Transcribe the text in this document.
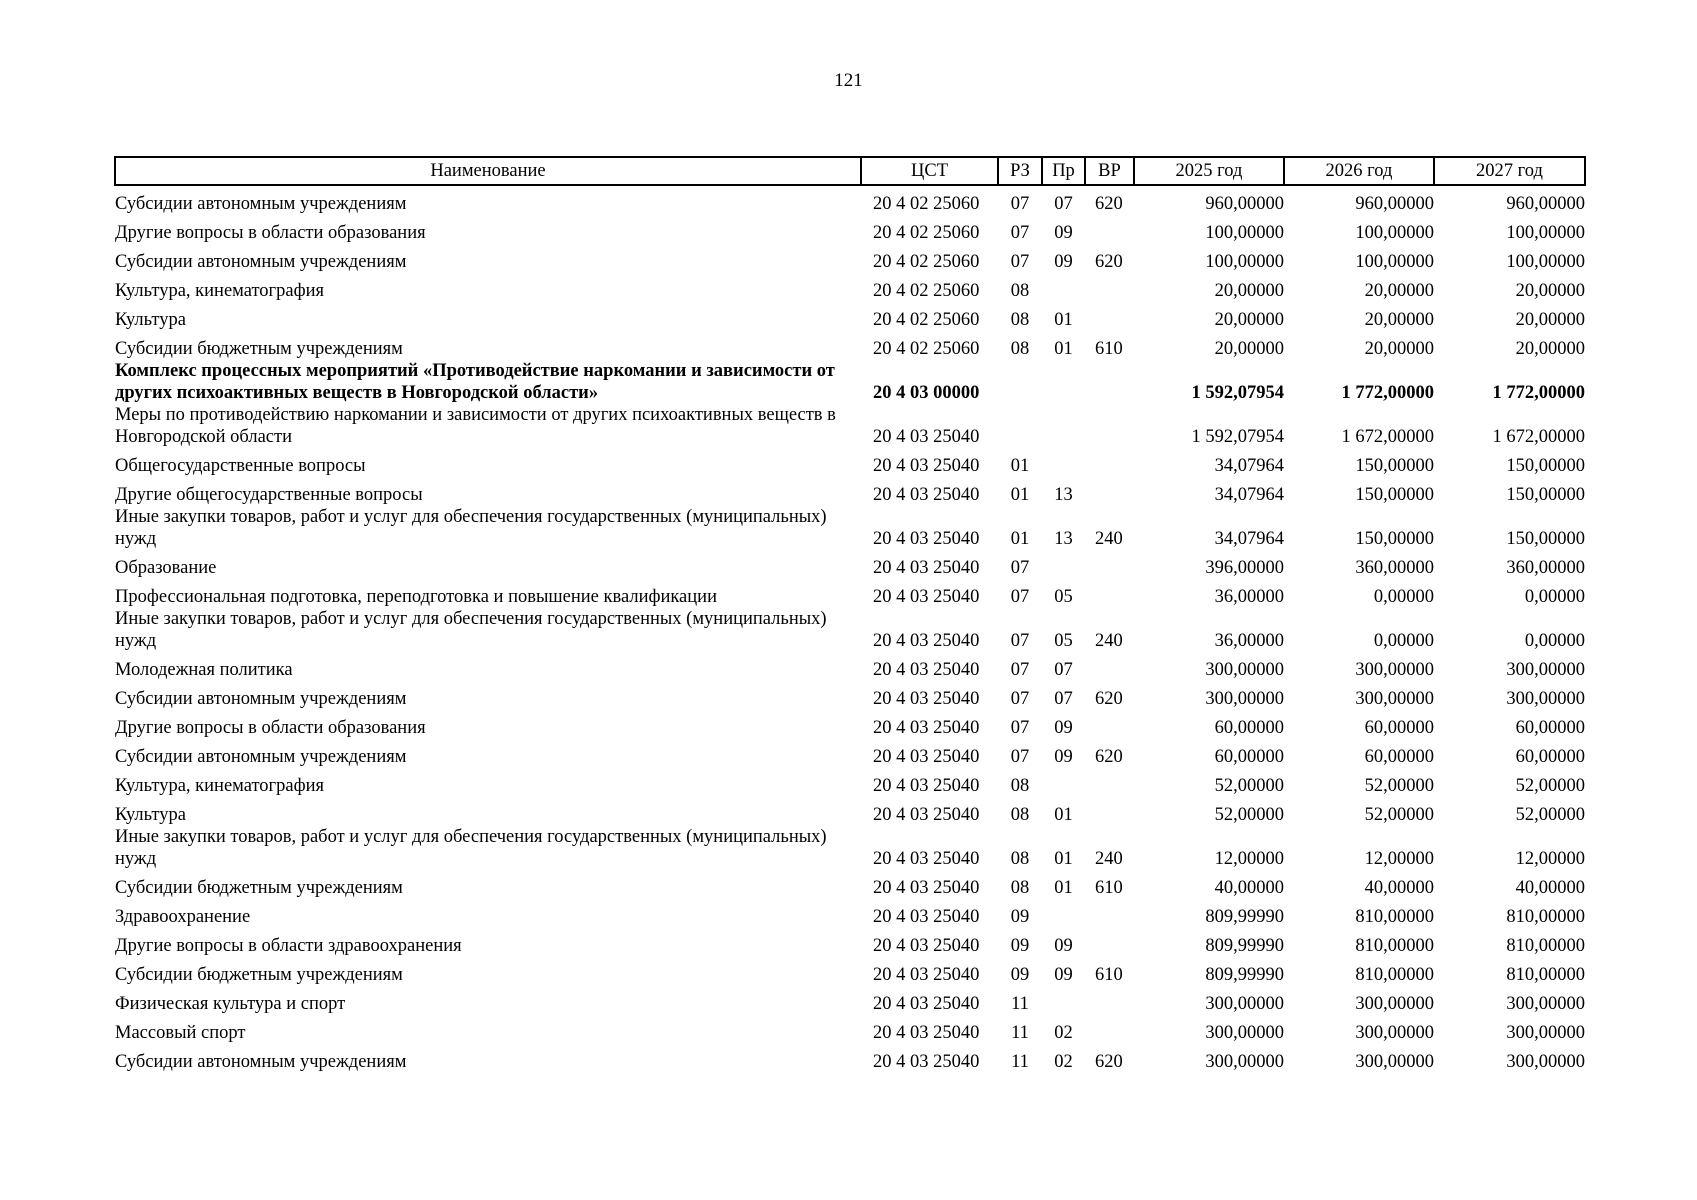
121
Наименование	ЦСТ	РЗ	Пр	ВР	2025 год	2026 год	2027 год
Субсидии автономным учреждениям	20 4 02 25060	07	07	620	960,00000	960,00000	960,00000
Другие вопросы в области образования	20 4 02 25060	07	09		100,00000	100,00000	100,00000
Субсидии автономным учреждениям	20 4 02 25060	07	09	620	100,00000	100,00000	100,00000
Культура, кинематография	20 4 02 25060	08			20,00000	20,00000	20,00000
Культура	20 4 02 25060	08	01		20,00000	20,00000	20,00000
Субсидии бюджетным учреждениям	20 4 02 25060	08	01	610	20,00000	20,00000	20,00000
Комплекс процессных мероприятий «Противодействие наркомании и зависимости от других психоактивных веществ в Новгородской области»	20 4 03 00000				1 592,07954	1 772,00000	1 772,00000
Меры по противодействию наркомании и зависимости от других психоактивных веществ в Новгородской области	20 4 03 25040				1 592,07954	1 672,00000	1 672,00000
Общегосударственные вопросы	20 4 03 25040	01			34,07964	150,00000	150,00000
Другие общегосударственные вопросы	20 4 03 25040	01	13		34,07964	150,00000	150,00000
Иные закупки товаров, работ и услуг для обеспечения государственных (муниципальных) нужд	20 4 03 25040	01	13	240	34,07964	150,00000	150,00000
Образование	20 4 03 25040	07			396,00000	360,00000	360,00000
Профессиональная подготовка, переподготовка и повышение квалификации	20 4 03 25040	07	05		36,00000	0,00000	0,00000
Иные закупки товаров, работ и услуг для обеспечения государственных (муниципальных) нужд	20 4 03 25040	07	05	240	36,00000	0,00000	0,00000
Молодежная политика	20 4 03 25040	07	07		300,00000	300,00000	300,00000
Субсидии автономным учреждениям	20 4 03 25040	07	07	620	300,00000	300,00000	300,00000
Другие вопросы в области образования	20 4 03 25040	07	09		60,00000	60,00000	60,00000
Субсидии автономным учреждениям	20 4 03 25040	07	09	620	60,00000	60,00000	60,00000
Культура, кинематография	20 4 03 25040	08			52,00000	52,00000	52,00000
Культура	20 4 03 25040	08	01		52,00000	52,00000	52,00000
Иные закупки товаров, работ и услуг для обеспечения государственных (муниципальных) нужд	20 4 03 25040	08	01	240	12,00000	12,00000	12,00000
Субсидии бюджетным учреждениям	20 4 03 25040	08	01	610	40,00000	40,00000	40,00000
Здравоохранение	20 4 03 25040	09			809,99990	810,00000	810,00000
Другие вопросы в области здравоохранения	20 4 03 25040	09	09		809,99990	810,00000	810,00000
Субсидии бюджетным учреждениям	20 4 03 25040	09	09	610	809,99990	810,00000	810,00000
Физическая культура и спорт	20 4 03 25040	11			300,00000	300,00000	300,00000
Массовый спорт	20 4 03 25040	11	02		300,00000	300,00000	300,00000
Субсидии автономным учреждениям	20 4 03 25040	11	02	620	300,00000	300,00000	300,00000
